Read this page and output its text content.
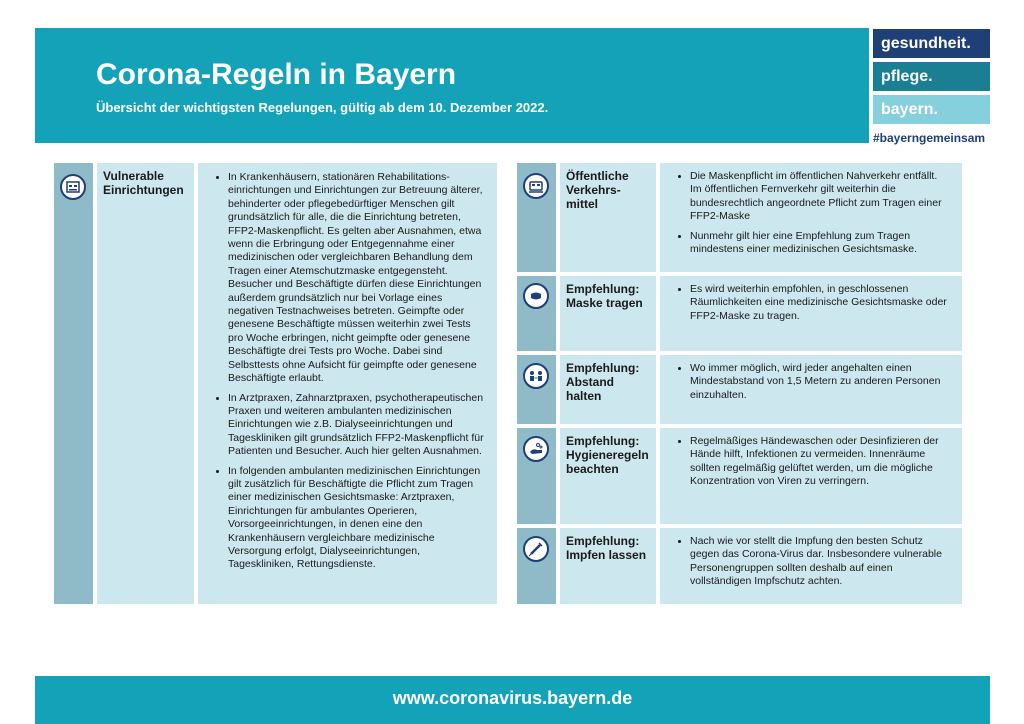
Corona-Regeln in Bayern
Übersicht der wichtigsten Regelungen, gültig ab dem 10. Dezember 2022.
gesundheit.
pflege.
bayern.
#bayerngemeinsam
Vulnerable Einrichtungen
• In Krankenhäusern, stationären Rehabilitations-einrichtungen und Einrichtungen zur Betreuung älterer, behinderter oder pflegebedürftiger Menschen gilt grundsätzlich für alle, die die Einrichtung betreten, FFP2-Maskenpflicht. Es gelten aber Ausnahmen, etwa wenn die Erbringung oder Entgegennahme einer medizinischen oder vergleichbaren Behandlung dem Tragen einer Atemschutzmaske entgegensteht. Besucher und Beschäftigte dürfen diese Einrichtungen außerdem grundsätzlich nur bei Vorlage eines negativen Testnachweises betreten. Geimpfte oder genesene Beschäftigte müssen weiterhin zwei Tests pro Woche erbringen, nicht geimpfte oder genesene Beschäftigte drei Tests pro Woche. Dabei sind Selbsttests ohne Aufsicht für geimpfte oder genesene Beschäftigte erlaubt.
• In Arztpraxen, Zahnarztpraxen, psychotherapeutischen Praxen und weiteren ambulanten medizinischen Einrichtungen wie z.B. Dialyseeinrichtungen und Tageskliniken gilt grundsätzlich FFP2-Maskenpflicht für Patienten und Besucher. Auch hier gelten Ausnahmen.
• In folgenden ambulanten medizinischen Einrichtungen gilt zusätzlich für Beschäftigte die Pflicht zum Tragen einer medizinischen Gesichtsmaske: Arztpraxen, Einrichtungen für ambulantes Operieren, Vorsorgeeinrichtungen, in denen eine den Krankenhäusern vergleichbare medizinische Versorgung erfolgt, Dialyseeinrichtungen, Tageskliniken, Rettungsdienste.
Öffentliche Verkehrs-mittel
• Die Maskenpflicht im öffentlichen Nahverkehr entfällt. Im öffentlichen Fernverkehr gilt weiterhin die bundesrechtlich angeordnete Pflicht zum Tragen einer FFP2-Maske
• Nunmehr gilt hier eine Empfehlung zum Tragen mindestens einer medizinischen Gesichtsmaske.
Empfehlung: Maske tragen
• Es wird weiterhin empfohlen, in geschlossenen Räumlichkeiten eine medizinische Gesichtsmaske oder FFP2-Maske zu tragen.
Empfehlung: Abstand halten
• Wo immer möglich, wird jeder angehalten einen Mindestabstand von 1,5 Metern zu anderen Personen einzuhalten.
Empfehlung: Hygieneregeln beachten
• Regelmäßiges Händewaschen oder Desinfizieren der Hände hilft, Infektionen zu vermeiden. Innenräume sollten regelmäßig gelüftet werden, um die mögliche Konzentration von Viren zu verringern.
Empfehlung: Impfen lassen
• Nach wie vor stellt die Impfung den besten Schutz gegen das Corona-Virus dar. Insbesondere vulnerable Personengruppen sollten deshalb auf einen vollständigen Impfschutz achten.
www.coronavirus.bayern.de
